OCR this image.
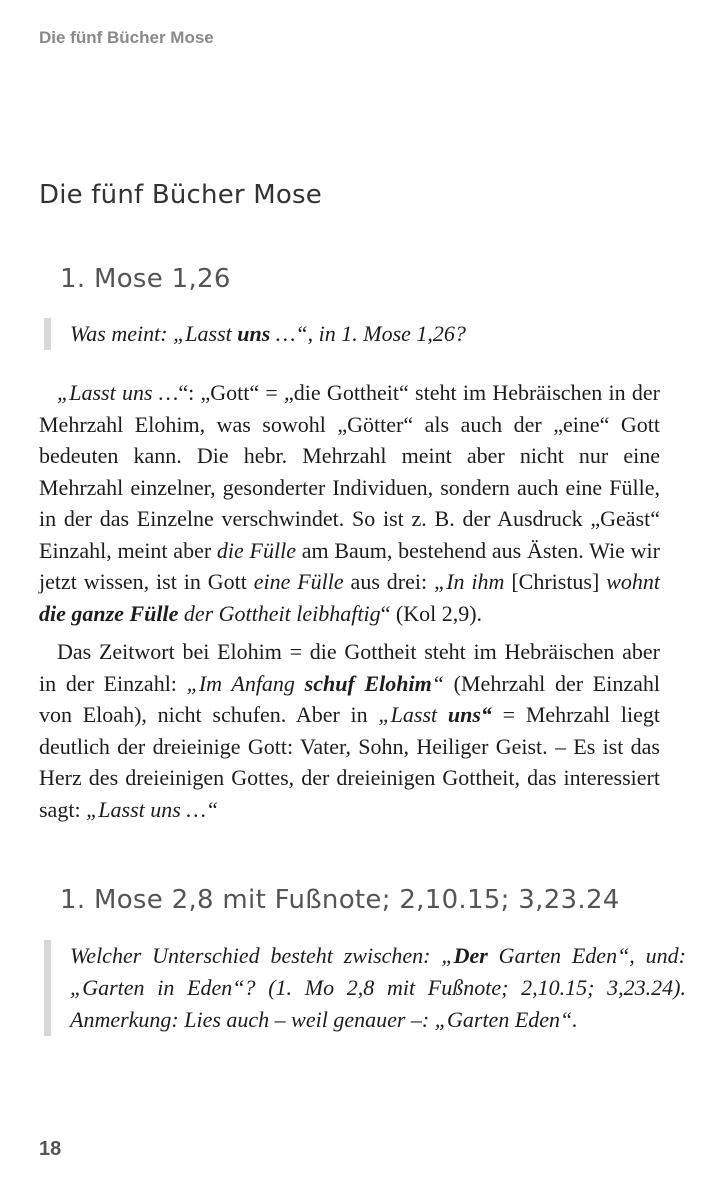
Die fünf Bücher Mose
Die fünf Bücher Mose
1. Mose 1,26
Was meint: „Lasst uns …“, in 1. Mose 1,26?

„Lasst uns …“: „Gott“ = „die Gottheit“ steht im Hebräischen in der Mehrzahl Elohim, was sowohl „Götter“ als auch der „eine“ Gott bedeuten kann. Die hebr. Mehrzahl meint aber nicht nur eine Mehrzahl einzelner, gesonderter Individuen, sondern auch eine Fülle, in der das Einzelne verschwindet. So ist z. B. der Ausdruck „Geäst“ Einzahl, meint aber die Fülle am Baum, bestehend aus Ästen. Wie wir jetzt wissen, ist in Gott eine Fülle aus drei: „In ihm [Christus] wohnt die ganze Fülle der Gottheit leibhaftig“ (Kol 2,9).

Das Zeitwort bei Elohim = die Gottheit steht im Hebräischen aber in der Einzahl: „Im Anfang schuf Elohim“ (Mehrzahl der Einzahl von Eloah), nicht schufen. Aber in „Lasst uns“ = Mehrzahl liegt deutlich der dreieinige Gott: Vater, Sohn, Heiliger Geist. – Es ist das Herz des dreieinigen Gottes, der dreieinigen Gottheit, das interessiert sagt: „Lasst uns …“

1. Mose 2,8 mit Fußnote; 2,10.15; 3,23.24
Welcher Unterschied besteht zwischen: „Der Garten Eden“, und: „Garten in Eden“? (1. Mo 2,8 mit Fußnote; 2,10.15; 3,23.24). Anmerkung: Lies auch – weil genauer –: „Garten Eden“.
18
